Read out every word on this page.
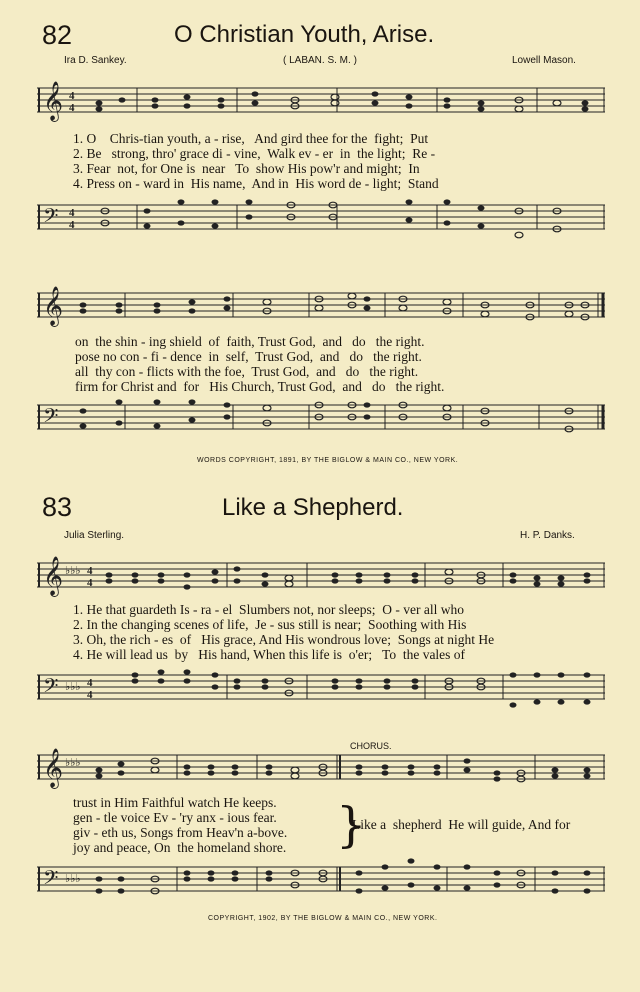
82	O Christian Youth, Arise.
Ira D. Sankey.	( LABAN. S. M. )	Lowell Mason.
𝄞 4
4
1. O    Chris-tian youth, a - rise,   And gird thee for the  fight;  Put
2. Be   strong, thro' grace di - vine,  Walk ev - er  in  the light;  Re -
3. Fear  not, for One is  near   To  show His pow'r and might;  In
4. Press on - ward in  His name,  And in  His word de - light;  Stand
𝄢 4
4
𝄞
on  the shin - ing shield  of  faith, Trust God,  and   do   the right.
pose no con - fi - dence  in  self,  Trust God,  and   do   the right.
all  thy con - flicts with the foe,  Trust God,  and   do   the right.
firm for Christ and  for   His Church, Trust God,  and   do   the right.
𝄢
WORDS COPYRIGHT, 1891, BY THE BIGLOW & MAIN CO., NEW YORK.
83	Like a Shepherd.
Julia Sterling.	H. P. Danks.
𝄞 ♭♭♭ 4
4
1. He that guardeth Is - ra - el  Slumbers not, nor sleeps;  O - ver all who
2. In the changing scenes of life,  Je - sus still is near;  Soothing with His
3. Oh, the rich - es  of   His grace, And His wondrous love;  Songs at night He
4. He will lead us  by   His hand, When this life is  o'er;   To  the vales of
𝄢 ♭♭♭ 4
4
𝄞 ♭♭♭
CHORUS.
trust in Him Faithful watch He keeps.
gen - tle voice Ev - 'ry anx - ious fear.
giv - eth us, Songs from Heav'n a-bove.
joy and peace, On  the homeland shore. }
Like a  shepherd  He will guide, And for
𝄢 ♭♭♭
COPYRIGHT, 1902, BY THE BIGLOW & MAIN CO., NEW YORK.
